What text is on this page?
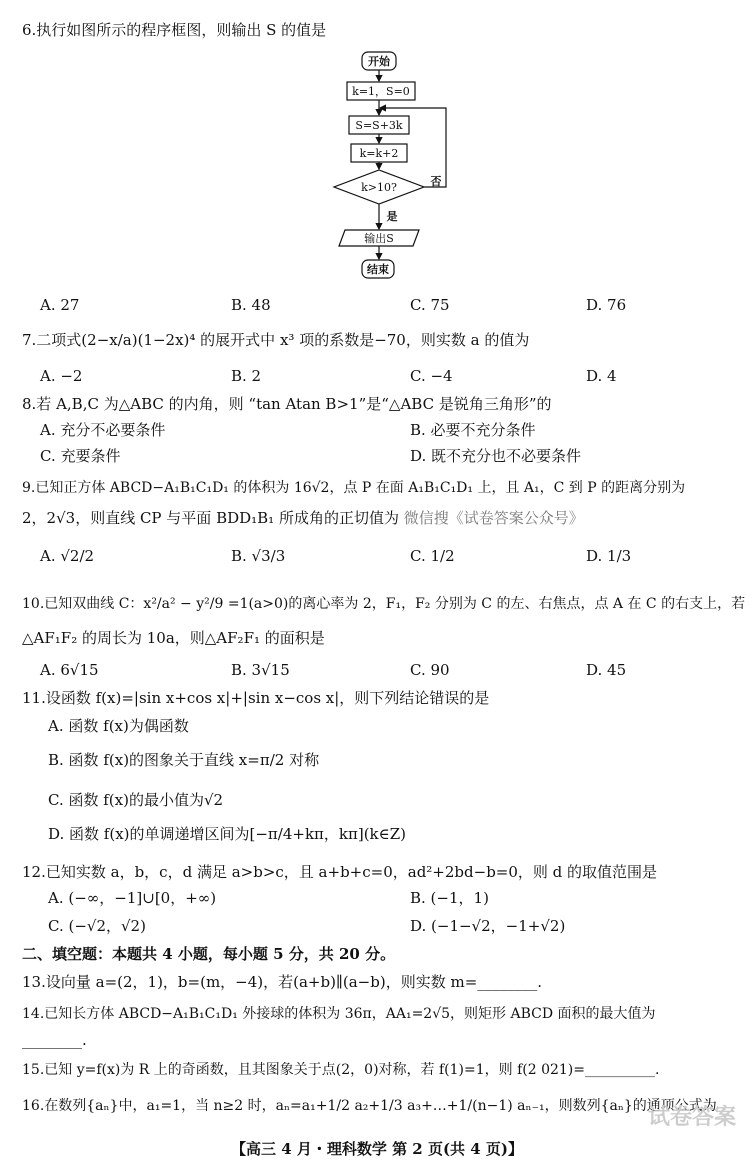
6.执行如图所示的程序框图，则输出 S 的值是
开始
k=1，S=0
S=S+3k
k=k+2
k>10?	否
是
输出S
结束
A. 27	B. 48	C. 75	D. 76
7.二项式(2−x/a)(1−2x)⁴ 的展开式中 x³ 项的系数是−70，则实数 a 的值为
A. −2	B. 2	C. −4	D. 4
8.若 A,B,C 为△ABC 的内角，则 “tan Atan B>1”是“△ABC 是锐角三角形”的
A. 充分不必要条件	B. 必要不充分条件
C. 充要条件	D. 既不充分也不必要条件
9.已知正方体 ABCD−A₁B₁C₁D₁ 的体积为 16√2，点 P 在面 A₁B₁C₁D₁ 上，且 A₁，C 到 P 的距离分别为
2，2√3，则直线 CP 与平面 BDD₁B₁ 所成角的正切值为 微信搜《试卷答案公众号》
A. √2/2	B. √3/3	C. 1/2	D. 1/3
10.已知双曲线 C：x²/a² − y²/9 =1(a>0)的离心率为 2，F₁，F₂ 分别为 C 的左、右焦点，点 A 在 C 的右支上，若
△AF₁F₂ 的周长为 10a，则△AF₂F₁ 的面积是
A. 6√15	B. 3√15	C. 90	D. 45
11.设函数 f(x)=|sin x+cos x|+|sin x−cos x|，则下列结论错误的是
A. 函数 f(x)为偶函数
B. 函数 f(x)的图象关于直线 x=π/2 对称
C. 函数 f(x)的最小值为√2
D. 函数 f(x)的单调递增区间为[−π/4+kπ，kπ](k∈Z)
12.已知实数 a，b，c，d 满足 a>b>c，且 a+b+c=0，ad²+2bd−b=0，则 d 的取值范围是
A. (−∞，−1]∪[0，+∞)	B. (−1，1)
C. (−√2，√2)	D. (−1−√2，−1+√2)
二、填空题：本题共 4 小题，每小题 5 分，共 20 分。
13.设向量 a=(2，1)，b=(m，−4)，若(a+b)∥(a−b)，则实数 m=________.
14.已知长方体 ABCD−A₁B₁C₁D₁ 外接球的体积为 36π，AA₁=2√5，则矩形 ABCD 面积的最大值为
________.
15.已知 y=f(x)为 R 上的奇函数，且其图象关于点(2，0)对称，若 f(1)=1，则 f(2 021)=__________.
16.在数列{aₙ}中，a₁=1，当 n≥2 时，aₙ=a₁+1/2 a₂+1/3 a₃+…+1/(n−1) aₙ₋₁，则数列{aₙ}的通项公式为
试卷答案
【高三 4 月・理科数学 第 2 页(共 4 页)】
